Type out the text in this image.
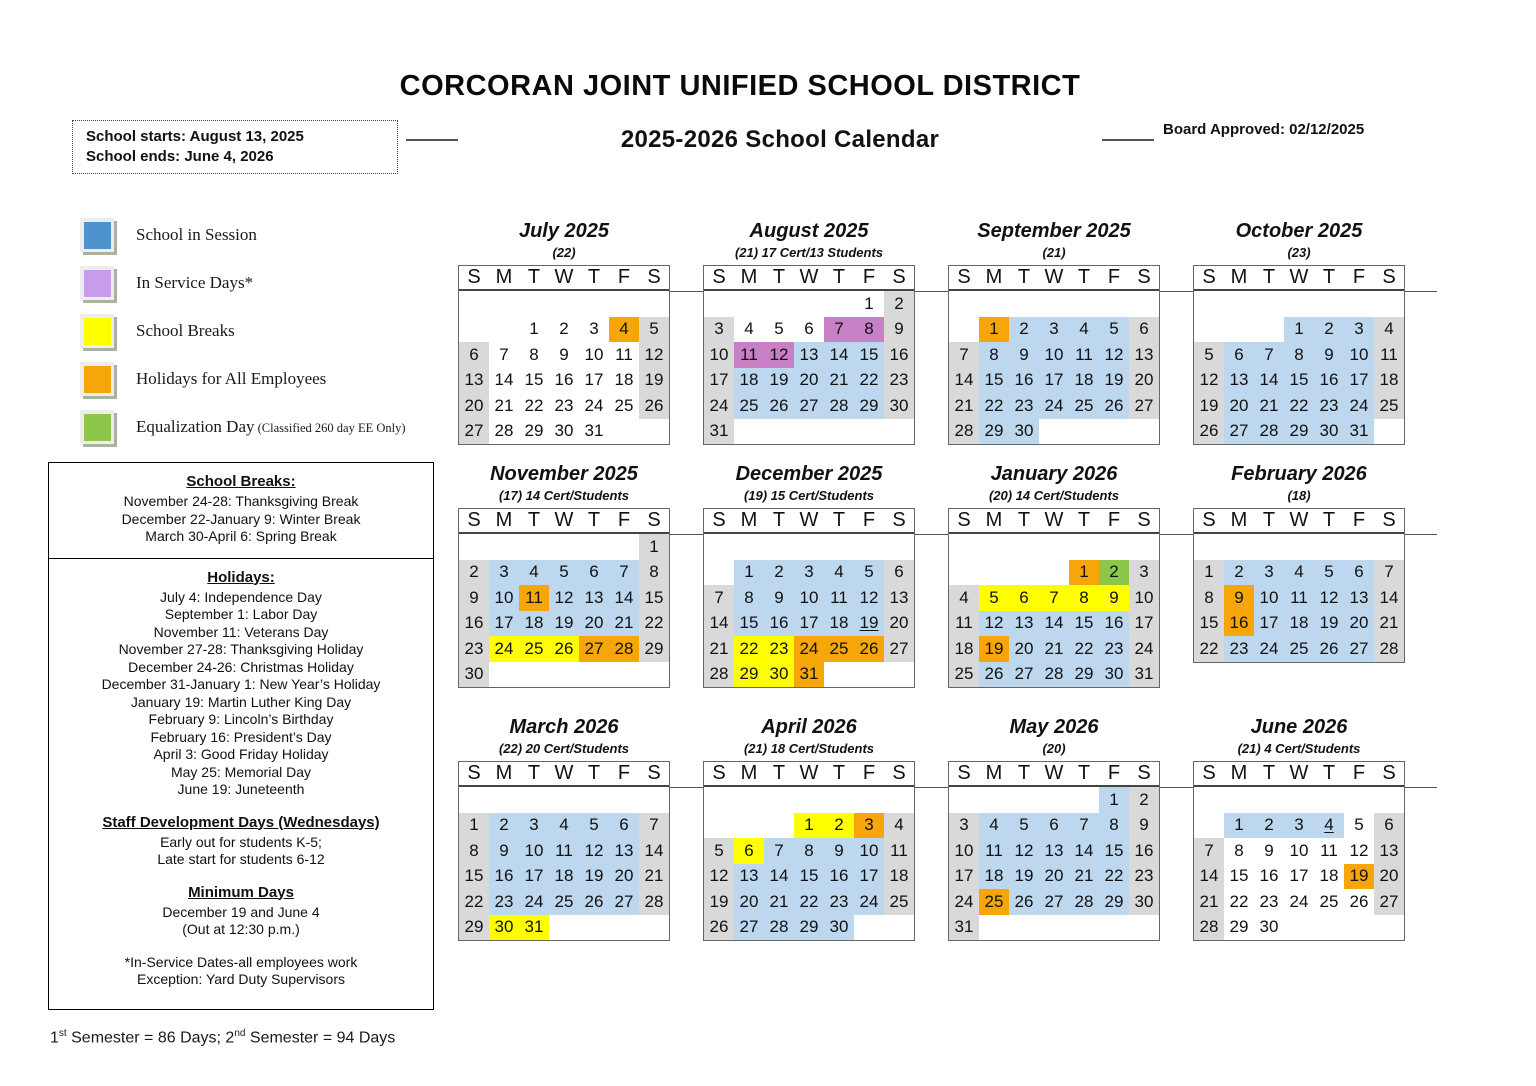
CORCORAN JOINT UNIFIED SCHOOL DISTRICT
School starts: August 13, 2025
School ends: June 4, 2026
2025-2026 School Calendar	Board Approved: 02/12/2025
School in Session
In Service Days*
School Breaks
Holidays for All Employees
Equalization Day (Classified 260 day EE Only)
School Breaks:
November 24-28: Thanksgiving Break
December 22-January 9: Winter Break
March 30-April 6: Spring Break
Holidays:
July 4: Independence Day
September 1: Labor Day
November 11: Veterans Day
November 27-28: Thanksgiving Holiday
December 24-26: Christmas Holiday
December 31-January 1: New Year’s Holiday
January 19: Martin Luther King Day
February 9: Lincoln’s Birthday
February 16: President’s Day
April 3: Good Friday Holiday
May 25: Memorial Day
June 19: Juneteenth
Staff Development Days (Wednesdays)
Early out for students K-5;
Late start for students 6-12
Minimum Days
December 19 and June 4
(Out at 12:30 p.m.)
*In-Service Dates-all employees work
Exception: Yard Duty Supervisors
1st Semester = 86 Days; 2nd Semester = 94 Days
July 2025
(22)
S	M	T	W	T	F	S

		1	2	3	4	5
6	7	8	9	10	11	12
13	14	15	16	17	18	19
20	21	22	23	24	25	26
27	28	29	30	31		
August 2025
(21) 17 Cert/13 Students
S	M	T	W	T	F	S
					1	2
3	4	5	6	7	8	9
10	11	12	13	14	15	16
17	18	19	20	21	22	23
24	25	26	27	28	29	30
31						
September 2025
(21)
S	M	T	W	T	F	S

	1	2	3	4	5	6
7	8	9	10	11	12	13
14	15	16	17	18	19	20
21	22	23	24	25	26	27
28	29	30				
October 2025
(23)
S	M	T	W	T	F	S

			1	2	3	4
5	6	7	8	9	10	11
12	13	14	15	16	17	18
19	20	21	22	23	24	25
26	27	28	29	30	31	
November 2025
(17) 14 Cert/Students
S	M	T	W	T	F	S
						1
2	3	4	5	6	7	8
9	10	11	12	13	14	15
16	17	18	19	20	21	22
23	24	25	26	27	28	29
30						
December 2025
(19) 15 Cert/Students
S	M	T	W	T	F	S

	1	2	3	4	5	6
7	8	9	10	11	12	13
14	15	16	17	18	19	20
21	22	23	24	25	26	27
28	29	30	31			
January 2026
(20) 14 Cert/Students
S	M	T	W	T	F	S

				1	2	3
4	5	6	7	8	9	10
11	12	13	14	15	16	17
18	19	20	21	22	23	24
25	26	27	28	29	30	31
February 2026
(18)
S	M	T	W	T	F	S

1	2	3	4	5	6	7
8	9	10	11	12	13	14
15	16	17	18	19	20	21
22	23	24	25	26	27	28
March 2026
(22) 20 Cert/Students
S	M	T	W	T	F	S

1	2	3	4	5	6	7
8	9	10	11	12	13	14
15	16	17	18	19	20	21
22	23	24	25	26	27	28
29	30	31				
April 2026
(21) 18 Cert/Students
S	M	T	W	T	F	S

			1	2	3	4
5	6	7	8	9	10	11
12	13	14	15	16	17	18
19	20	21	22	23	24	25
26	27	28	29	30		
May 2026
(20)
S	M	T	W	T	F	S
					1	2
3	4	5	6	7	8	9
10	11	12	13	14	15	16
17	18	19	20	21	22	23
24	25	26	27	28	29	30
31						
June 2026
(21) 4 Cert/Students
S	M	T	W	T	F	S

	1	2	3	4	5	6
7	8	9	10	11	12	13
14	15	16	17	18	19	20
21	22	23	24	25	26	27
28	29	30				
